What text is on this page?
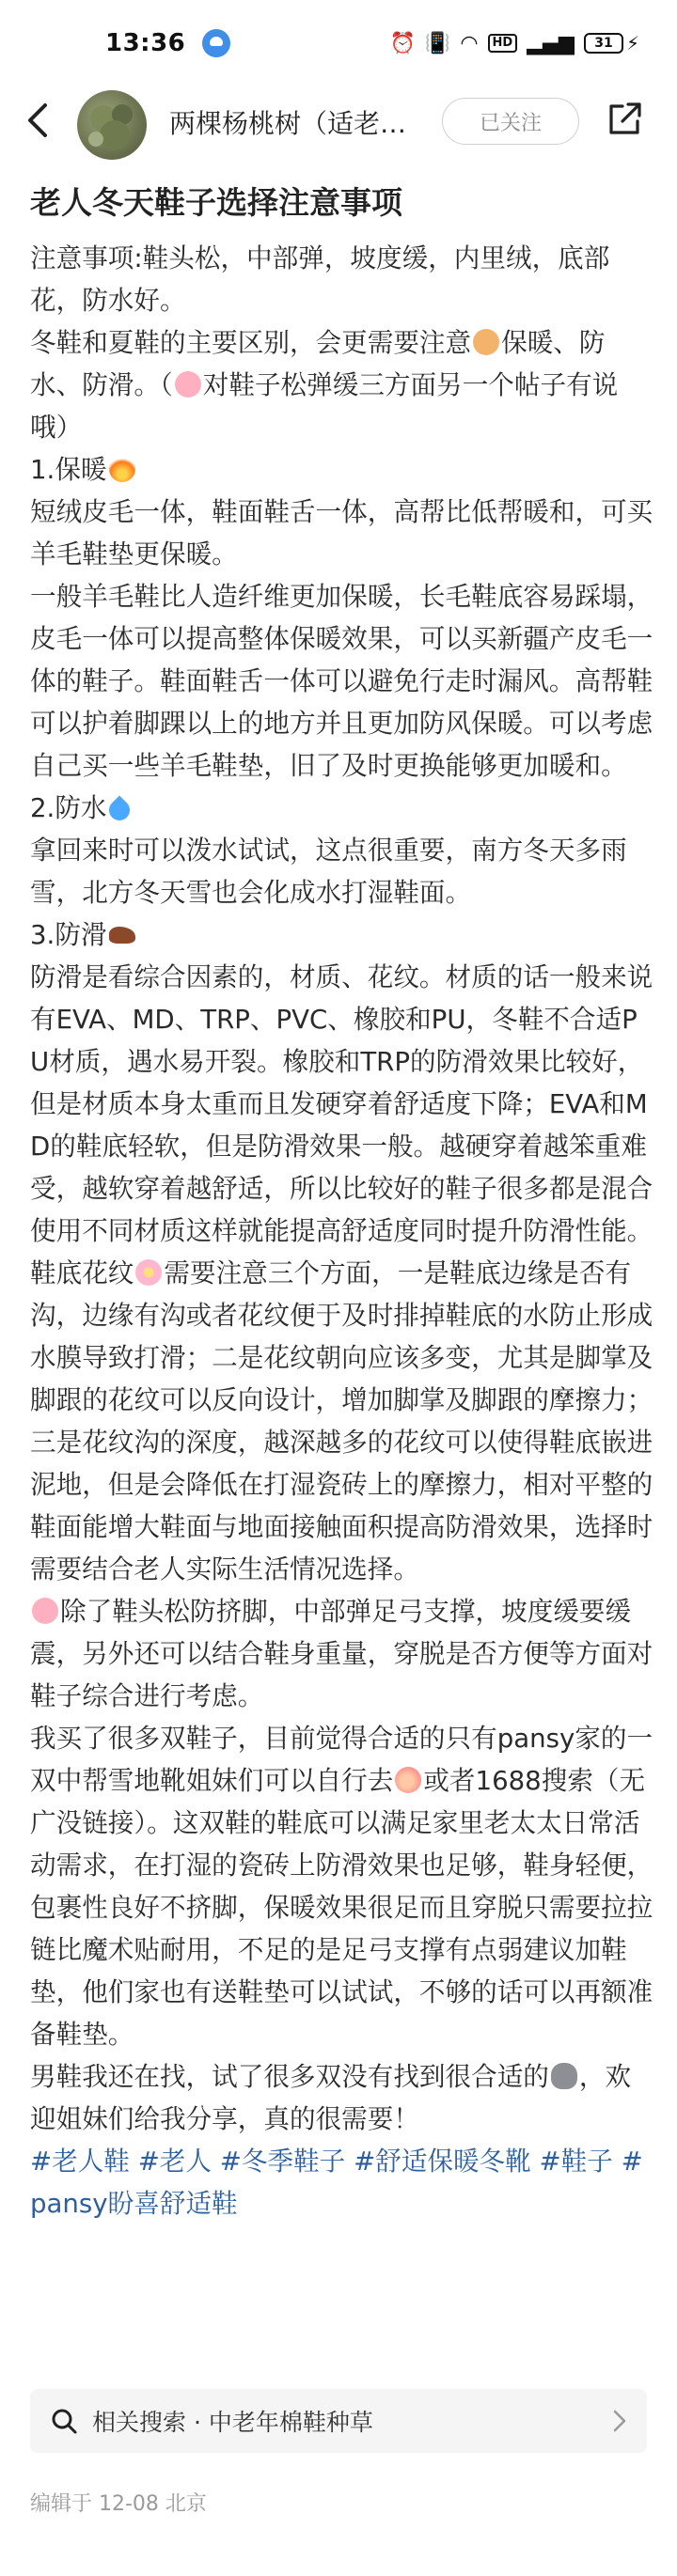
13:36	⏰ 📳 ◠	HD ▂▄▆	31 ⚡
两棵杨桃树（适老…	已关注
老人冬天鞋子选择注意事项

注意事项:鞋头松，中部弹，坡度缓，内里绒，底部花，防水好。

冬鞋和夏鞋的主要区别，会更需要注意 保暖、防水、防滑。（ 对鞋子松弹缓三方面另一个帖子有说哦）

1.保暖

短绒皮毛一体，鞋面鞋舌一体，高帮比低帮暖和，可买羊毛鞋垫更保暖。

一般羊毛鞋比人造纤维更加保暖，长毛鞋底容易踩塌，皮毛一体可以提高整体保暖效果，可以买新疆产皮毛一体的鞋子。鞋面鞋舌一体可以避免行走时漏风。高帮鞋可以护着脚踝以上的地方并且更加防风保暖。可以考虑自己买一些羊毛鞋垫，旧了及时更换能够更加暖和。

2.防水

拿回来时可以泼水试试，这点很重要，南方冬天多雨雪，北方冬天雪也会化成水打湿鞋面。

3.防滑

防滑是看综合因素的，材质、花纹。材质的话一般来说有EVA、MD、TRP、PVC、橡胶和PU，冬鞋不合适PU材质，遇水易开裂。橡胶和TRP的防滑效果比较好，但是材质本身太重而且发硬穿着舒适度下降；EVA和MD的鞋底轻软，但是防滑效果一般。越硬穿着越笨重难受，越软穿着越舒适，所以比较好的鞋子很多都是混合使用不同材质这样就能提高舒适度同时提升防滑性能。

鞋底花纹 需要注意三个方面，一是鞋底边缘是否有沟，边缘有沟或者花纹便于及时排掉鞋底的水防止形成水膜导致打滑；二是花纹朝向应该多变，尤其是脚掌及脚跟的花纹可以反向设计，增加脚掌及脚跟的摩擦力；三是花纹沟的深度，越深越多的花纹可以使得鞋底嵌进泥地，但是会降低在打湿瓷砖上的摩擦力，相对平整的鞋面能增大鞋面与地面接触面积提高防滑效果，选择时需要结合老人实际生活情况选择。

除了鞋头松防挤脚，中部弹足弓支撑，坡度缓要缓震，另外还可以结合鞋身重量，穿脱是否方便等方面对鞋子综合进行考虑。

我买了很多双鞋子，目前觉得合适的只有pansy家的一双中帮雪地靴姐妹们可以自行去 或者1688搜索（无广没链接）。这双鞋的鞋底可以满足家里老太太日常活动需求，在打湿的瓷砖上防滑效果也足够，鞋身轻便，包裹性良好不挤脚，保暖效果很足而且穿脱只需要拉拉链比魔术贴耐用，不足的是足弓支撑有点弱建议加鞋垫，他们家也有送鞋垫可以试试，不够的话可以再额准备鞋垫。

男鞋我还在找，试了很多双没有找到很合适的 ，欢迎姐妹们给我分享，真的很需要！

#老人鞋 #老人 #冬季鞋子 #舒适保暖冬靴 #鞋子 #pansy盼喜舒适鞋

相关搜索 · 中老年棉鞋种草
编辑于 12-08 北京
